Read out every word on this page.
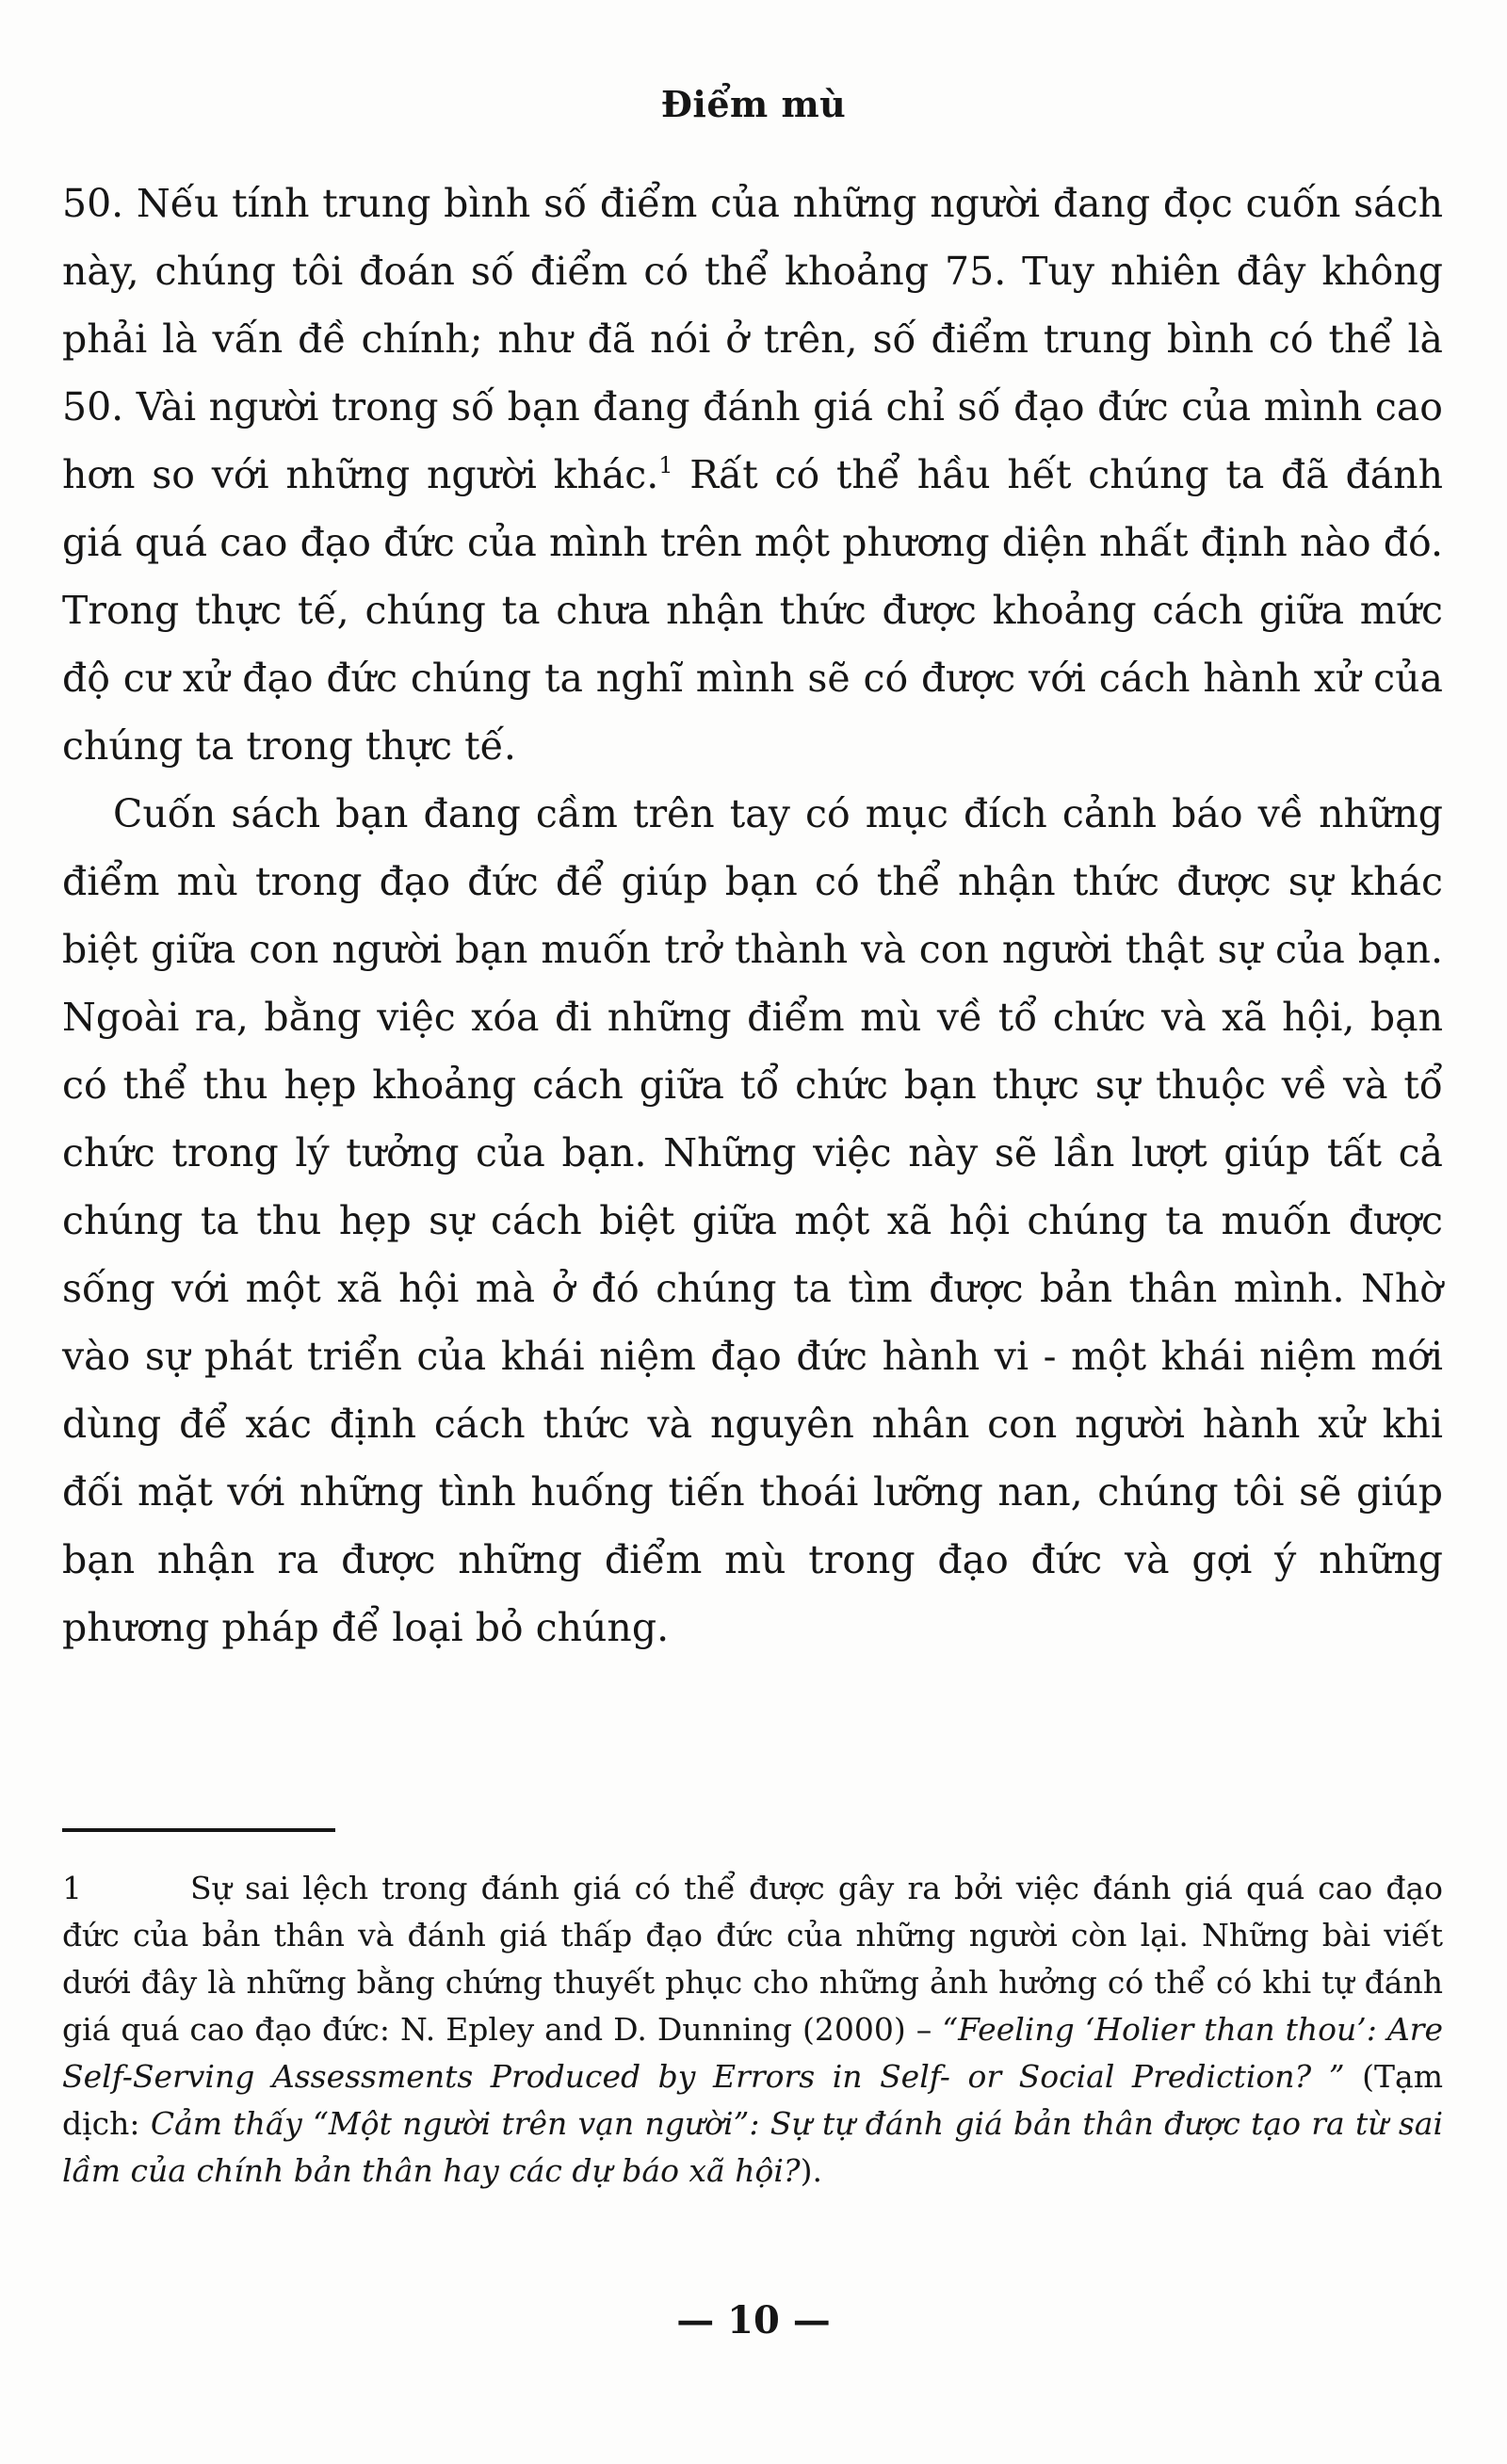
Điểm mù

50. Nếu tính trung bình số điểm của những người đang đọc cuốn sách này, chúng tôi đoán số điểm có thể khoảng 75. Tuy nhiên đây không phải là vấn đề chính; như đã nói ở trên, số điểm trung bình có thể là 50. Vài người trong số bạn đang đánh giá chỉ số đạo đức của mình cao hơn so với những người khác.$^1$ Rất có thể hầu hết chúng ta đã đánh giá quá cao đạo đức của mình trên một phương diện nhất định nào đó. Trong thực tế, chúng ta chưa nhận thức được khoảng cách giữa mức độ cư xử đạo đức chúng ta nghĩ mình sẽ có được với cách hành xử của chúng ta trong thực tế.

Cuốn sách bạn đang cầm trên tay có mục đích cảnh báo về những điểm mù trong đạo đức để giúp bạn có thể nhận thức được sự khác biệt giữa con người bạn muốn trở thành và con người thật sự của bạn. Ngoài ra, bằng việc xóa đi những điểm mù về tổ chức và xã hội, bạn có thể thu hẹp khoảng cách giữa tổ chức bạn thực sự thuộc về và tổ chức trong lý tưởng của bạn. Những việc này sẽ lần lượt giúp tất cả chúng ta thu hẹp sự cách biệt giữa một xã hội chúng ta muốn được sống với một xã hội mà ở đó chúng ta tìm được bản thân mình. Nhờ vào sự phát triển của khái niệm đạo đức hành vi - một khái niệm mới dùng để xác định cách thức và nguyên nhân con người hành xử khi đối mặt với những tình huống tiến thoái lưỡng nan, chúng tôi sẽ giúp bạn nhận ra được những điểm mù trong đạo đức và gợi ý những phương pháp để loại bỏ chúng.

1	Sự sai lệch trong đánh giá có thể được gây ra bởi việc đánh giá quá cao đạo đức của bản thân và đánh giá thấp đạo đức của những người còn lại. Những bài viết dưới đây là những bằng chứng thuyết phục cho những ảnh hưởng có thể có khi tự đánh giá quá cao đạo đức: N. Epley and D. Dunning (2000) – “Feeling ‘Holier than thou’: Are Self-Serving Assessments Produced by Errors in Self- or Social Prediction? ” (Tạm dịch: Cảm thấy “Một người trên vạn người”: Sự tự đánh giá bản thân được tạo ra từ sai lầm của chính bản thân hay các dự báo xã hội?).

— 10 —
